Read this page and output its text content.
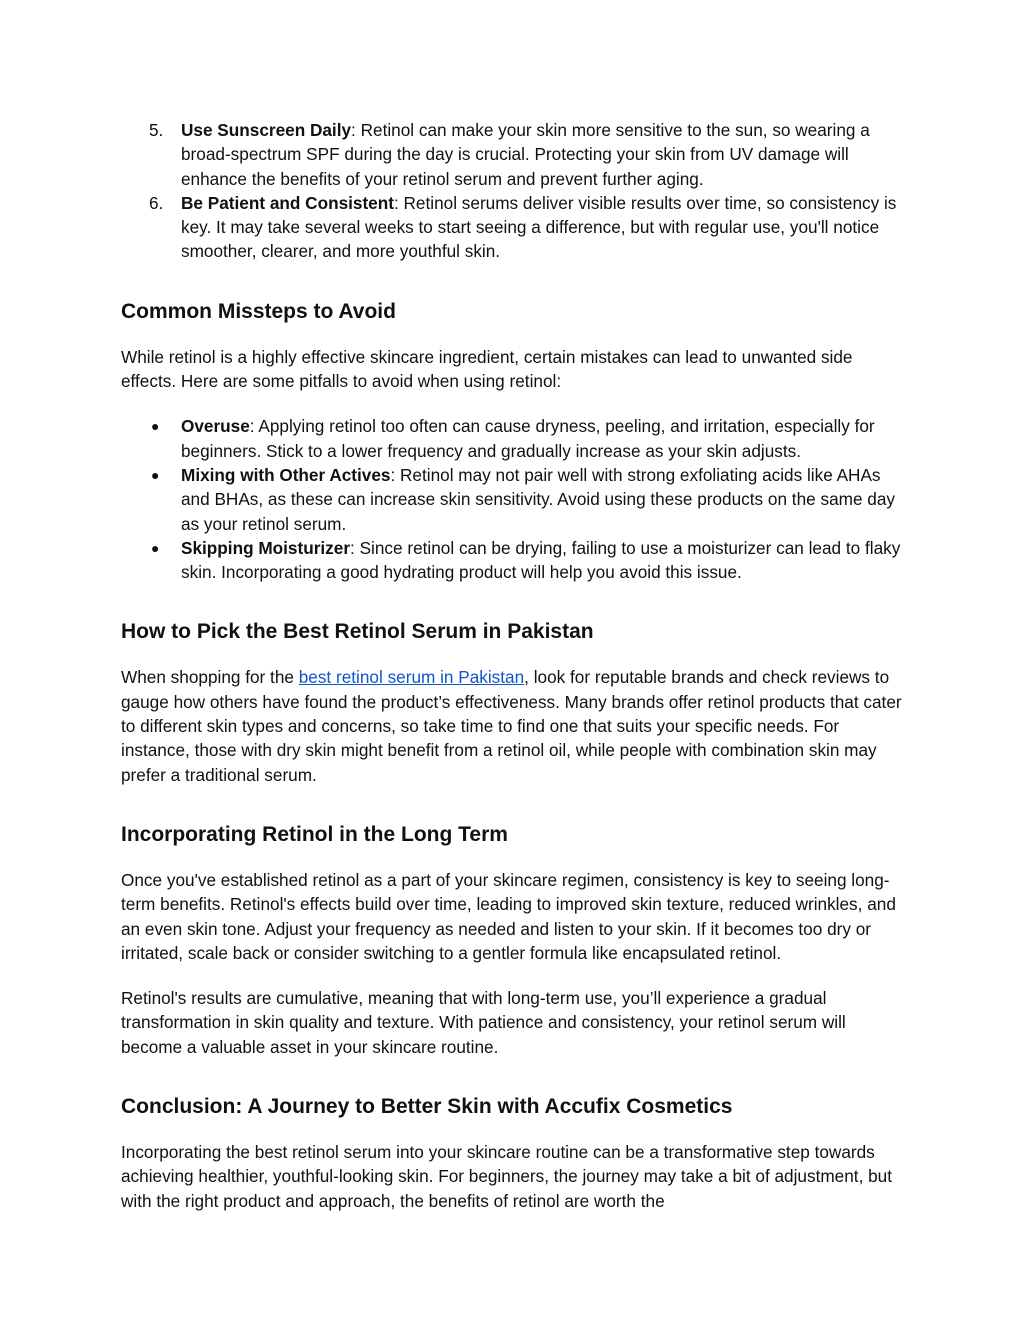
5. Use Sunscreen Daily: Retinol can make your skin more sensitive to the sun, so wearing a broad-spectrum SPF during the day is crucial. Protecting your skin from UV damage will enhance the benefits of your retinol serum and prevent further aging.

6. Be Patient and Consistent: Retinol serums deliver visible results over time, so consistency is key. It may take several weeks to start seeing a difference, but with regular use, you'll notice smoother, clearer, and more youthful skin.

Common Missteps to Avoid

While retinol is a highly effective skincare ingredient, certain mistakes can lead to unwanted side effects. Here are some pitfalls to avoid when using retinol:

● Overuse: Applying retinol too often can cause dryness, peeling, and irritation, especially for beginners. Stick to a lower frequency and gradually increase as your skin adjusts.

● Mixing with Other Actives: Retinol may not pair well with strong exfoliating acids like AHAs and BHAs, as these can increase skin sensitivity. Avoid using these products on the same day as your retinol serum.

● Skipping Moisturizer: Since retinol can be drying, failing to use a moisturizer can lead to flaky skin. Incorporating a good hydrating product will help you avoid this issue.

How to Pick the Best Retinol Serum in Pakistan

When shopping for the best retinol serum in Pakistan, look for reputable brands and check reviews to gauge how others have found the product’s effectiveness. Many brands offer retinol products that cater to different skin types and concerns, so take time to find one that suits your specific needs. For instance, those with dry skin might benefit from a retinol oil, while people with combination skin may prefer a traditional serum.

Incorporating Retinol in the Long Term

Once you've established retinol as a part of your skincare regimen, consistency is key to seeing long-term benefits. Retinol's effects build over time, leading to improved skin texture, reduced wrinkles, and an even skin tone. Adjust your frequency as needed and listen to your skin. If it becomes too dry or irritated, scale back or consider switching to a gentler formula like encapsulated retinol.

Retinol's results are cumulative, meaning that with long-term use, you’ll experience a gradual transformation in skin quality and texture. With patience and consistency, your retinol serum will become a valuable asset in your skincare routine.

Conclusion: A Journey to Better Skin with Accufix Cosmetics

Incorporating the best retinol serum into your skincare routine can be a transformative step towards achieving healthier, youthful-looking skin. For beginners, the journey may take a bit of adjustment, but with the right product and approach, the benefits of retinol are worth the
